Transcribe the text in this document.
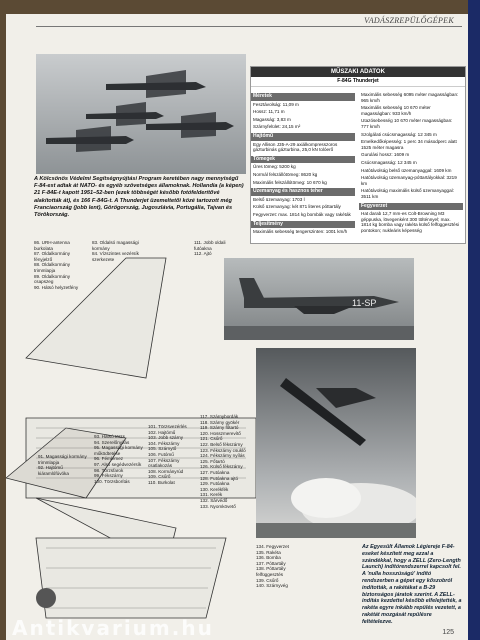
VADÁSZREPÜLŐGÉPEK
A Kölcsönös Védelmi Segítségnyújtási Program keretében nagy mennyiségű F-84-est adtak át NATO- és egyéb szövetséges államoknak. Hollandia (a képen) 21 F-84E-t kapott 1951–52-ben (ezek többségét később fotófelderítővé alakították át), és 166 F-84G-t. A Thunderjet üzemeltetői közé tartozott még Franciaország (jobb lent), Görögország, Jugoszlávia, Portugália, Tajvan és Törökország.
MŰSZAKI ADATOK
F-84G Thunderjet
Méretek
Fesztávolság: 11,09 m
Hossz: 11,71 m
Magasság: 3,83 m
Szárnyfelület: 24,15 m²
Hajtómű
Egy Allison J35-A-29 axiálkompresszoros gázturbinás gázturbina, 25,0 kN tolóerő
Tömegek
Üres tömeg: 5200 kg
Normál felszállótömeg: 8620 kg
Maximális felszállótömeg: 10 670 kg
Üzemanyag és hasznos teher
Belső üzemanyag: 1703 l
Külső üzemanyag: két 871 literes póttartály
Fegyverzet: max. 1814 kg bombák vagy rakéták
Teljesítmény
Maximális sebesség tengerszinten: 1001 km/h
Maximális sebesség 6095 méter magasságban: 965 km/h
Maximális sebesség 10 670 méter magasságban: 933 km/h
Utazósebesség 10 670 méter magasságban: 777 km/h
Szolgálati csúcsmagasság: 12 345 m
Emelkedőképesség: 1 perc 34 másodperc alatt 1525 méter magasra
Gurulási hossz: 1609 m
Csúcsmagasság: 12 345 m
Hatótávolság belső üzemanyaggal: 1609 km
Hatótávolság üzemanyag-póttartályokkal: 3219 km
Hatótávolság maximális külső üzemanyaggal: 3511 km
Fegyverzet
Hat darab 12,7 mm-es Colt-Browning M3 géppuska, lövegenként 300 tölténnyel; max. 1814 kg bomba vagy rakéta külső felfüggesztési pontokon; nukleáris képesség
11-SP
86. URH-antenna burkolata
87. Oldalkormány fényjelző
88. Oldalkormány trimmlapja
89. Oldalkormány csapszeg
90. Hátsó helyzetfény
83. Oldalsó magassági kormány
84. Vízszintes vezérsík szerkezete
111. Jobb oldali futóakna
112. Ajtó
91. Magassági kormány trimmlapja
92. Hajtómű kiáramlófúvóka
93. Hátsó törzs
94. Szerelőnyílás
95. Magassági kormány működtetése
96. Fémlemez
97. Alsó segédvezérsík
98. Törzsfarok
99. Fékszárny
100. Törzsborítás
101. Törzsvezérlés
102. Hajtómű
103. Jobb szárny
104. Fékszárny
105. Szárnytő
106. Futómű
107. Fékszárny csatlakozás
108. Kormányrúd
109. Csűrő
110. Burkolat
117. Szárnybordák
118. Szárny gyökér
119. Szárny főtartó
120. Hosszmerevítő
121. Csűrő
122. Belső fékszárny
123. Fékszárny csukló
124. Fékszárny nyílás
125. Főtartó
126. Külső fékszárny
127. Futóakna
128. Futóakna ajtó
129. Futóakna
130. Kerékfék
131. Kerék
132. Sárvédő
133. Nyomkövető
134. Fegyverzet
135. Rakéta
136. Bomba
137. Póttartály
138. Póttartály felfüggesztés
139. Csűrő
140. Szárnyvég
Az Egyesült Államok Légiereje F-84-eseket készített meg azzal a szándékkal, hogy a ZELL (Zero-Length Launch) indítórendszerrel kapcsolt fel. A 'nulla hosszúságú' indító rendszerben a gépet egy kőszobról indították, a rakétákat a B-29 biztonságos járatok szerint. A ZELL-indítás kezdettel később elfelejtették, a rakéta egyre inkább repülés vezetett, a rakétát mozgását repülésre feltételezve.
125
Antikvarium.hu
